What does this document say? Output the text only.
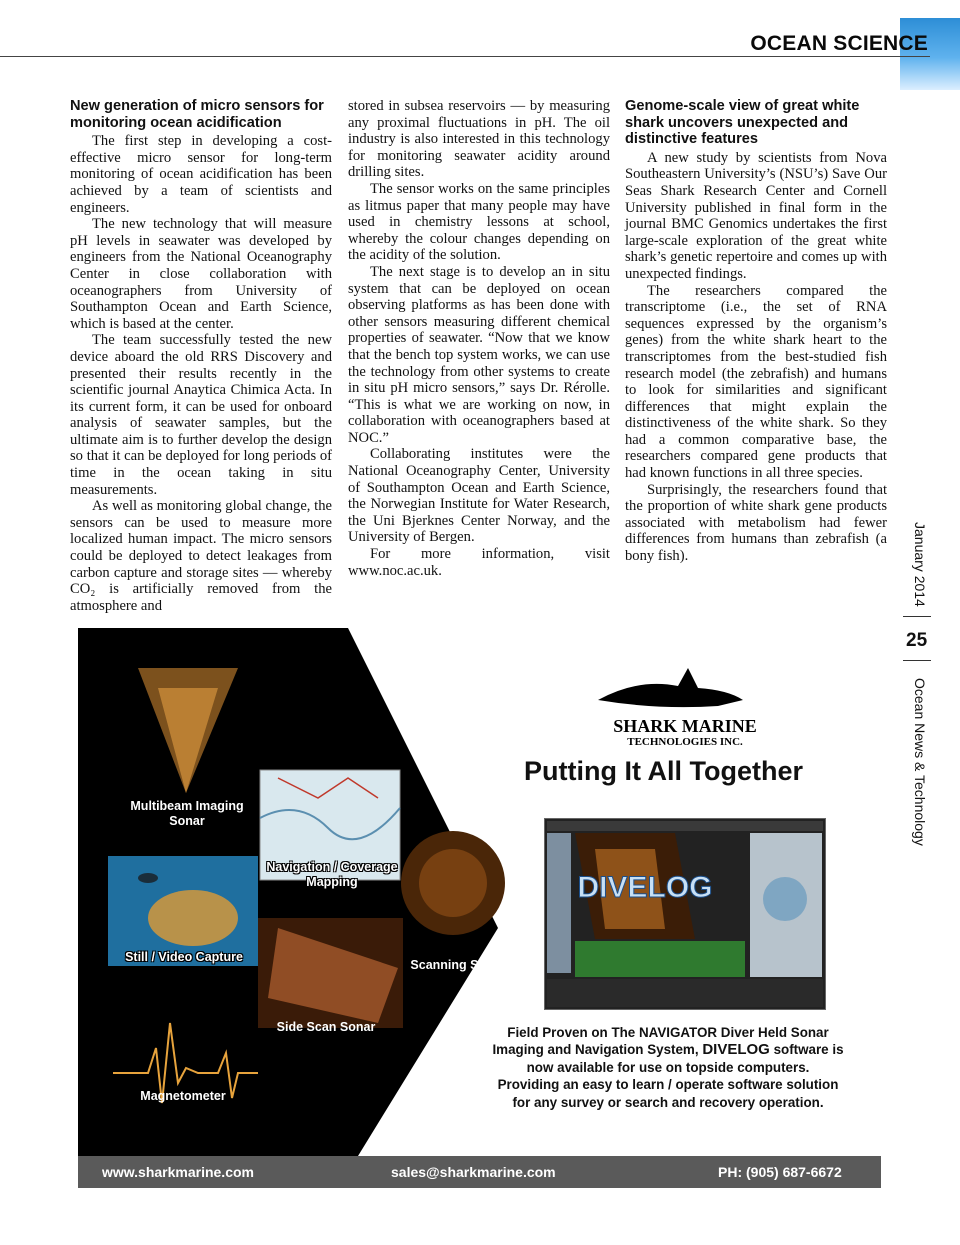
OCEAN SCIENCE
New generation of micro sensors for monitoring ocean acidification

The first step in developing a cost-effective micro sensor for long-term monitoring of ocean acidification has been achieved by a team of scientists and engineers.

The new technology that will measure pH levels in seawater was developed by engineers from the National Oceanography Center in close collaboration with oceanographers from University of Southampton Ocean and Earth Science, which is based at the center.

The team successfully tested the new device aboard the old RRS Discovery and presented their results recently in the scientific journal Anaytica Chimica Acta. In its current form, it can be used for onboard analysis of seawater samples, but the ultimate aim is to further develop the design so that it can be deployed for long periods of time in the ocean taking in situ measurements.

As well as monitoring global change, the sensors can be used to measure more localized human impact. The micro sensors could be deployed to detect leakages from carbon capture and storage sites — whereby CO₂ is artificially removed from the atmosphere and

stored in subsea reservoirs — by measuring any proximal fluctuations in pH. The oil industry is also interested in this technology for monitoring seawater acidity around drilling sites.

The sensor works on the same principles as litmus paper that many people may have used in chemistry lessons at school, whereby the colour changes depending on the acidity of the solution.

The next stage is to develop an in situ system that can be deployed on ocean observing platforms as has been done with other sensors measuring different chemical properties of seawater. “Now that we know that the bench top system works, we can use the technology from other systems to create in situ pH micro sensors,” says Dr. Rérolle. “This is what we are working on now, in collaboration with oceanographers based at NOC.”

Collaborating institutes were the National Oceanography Center, University of Southampton Ocean and Earth Science, the Norwegian Institute for Water Research, the Uni Bjerknes Center Norway, and the University of Bergen.

For more information, visit www.noc.ac.uk.

Genome-scale view of great white shark uncovers unexpected and distinctive features

A new study by scientists from Nova Southeastern University’s (NSU’s) Save Our Seas Shark Research Center and Cornell University published in final form in the journal BMC Genomics undertakes the first large-scale exploration of the great white shark’s genetic repertoire and comes up with unexpected findings.

The researchers compared the transcriptome (i.e., the set of RNA sequences expressed by the organism’s genes) from the white shark heart to the transcriptomes from the best-studied fish research model (the zebrafish) and humans to look for similarities and significant differences that might explain the distinctiveness of the white shark. So they had a common comparative base, the researchers compared gene products that had known functions in all three species.

Surprisingly, the researchers found that the proportion of white shark gene products associated with metabolism had fewer differences from humans than zebrafish (a bony fish).	January 2014
25
Ocean News & Technology
Multibeam Imaging Sonar
Navigation / Coverage Mapping
Still / Video Capture
Scanning Sonar
Side Scan Sonar
Magnetometer
SHARK MARINE
TECHNOLOGIES INC.
Putting It All Together
DIVELOG
Field Proven on The NAVIGATOR Diver Held Sonar
Imaging and Navigation System, DIVELOG software is
now available for use on topside computers.
Providing an easy to learn / operate software solution
for any survey or search and recovery operation.
www.sharkmarine.com	sales@sharkmarine.com	PH: (905) 687-6672
